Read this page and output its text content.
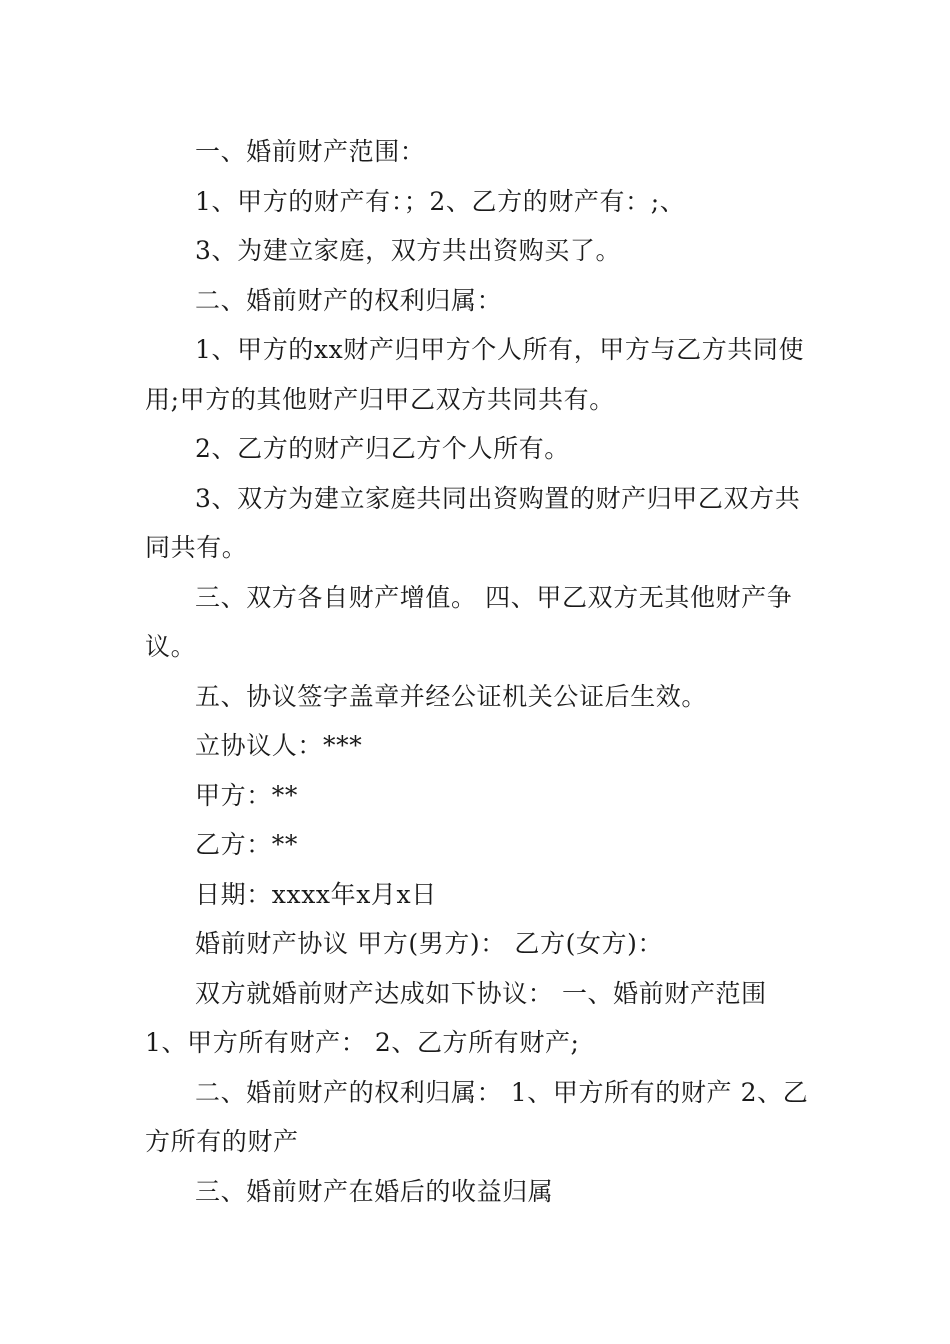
一、婚前财产范围：

1、甲方的财产有：；2、乙方的财产有：;、

3、为建立家庭，双方共出资购买了。

二、婚前财产的权利归属：

1、甲方的xx财产归甲方个人所有，甲方与乙方共同使用;甲方的其他财产归甲乙双方共同共有。

2、乙方的财产归乙方个人所有。

3、双方为建立家庭共同出资购置的财产归甲乙双方共同共有。

三、双方各自财产增值。 四、甲乙双方无其他财产争议。

五、协议签字盖章并经公证机关公证后生效。

立协议人：***

甲方：**

乙方：**

日期：xxxx年x月x日

婚前财产协议 甲方(男方)： 乙方(女方)：

双方就婚前财产达成如下协议： 一、婚前财产范围 1、甲方所有财产： 2、乙方所有财产;

二、婚前财产的权利归属： 1、甲方所有的财产 2、乙方所有的财产

三、婚前财产在婚后的收益归属
